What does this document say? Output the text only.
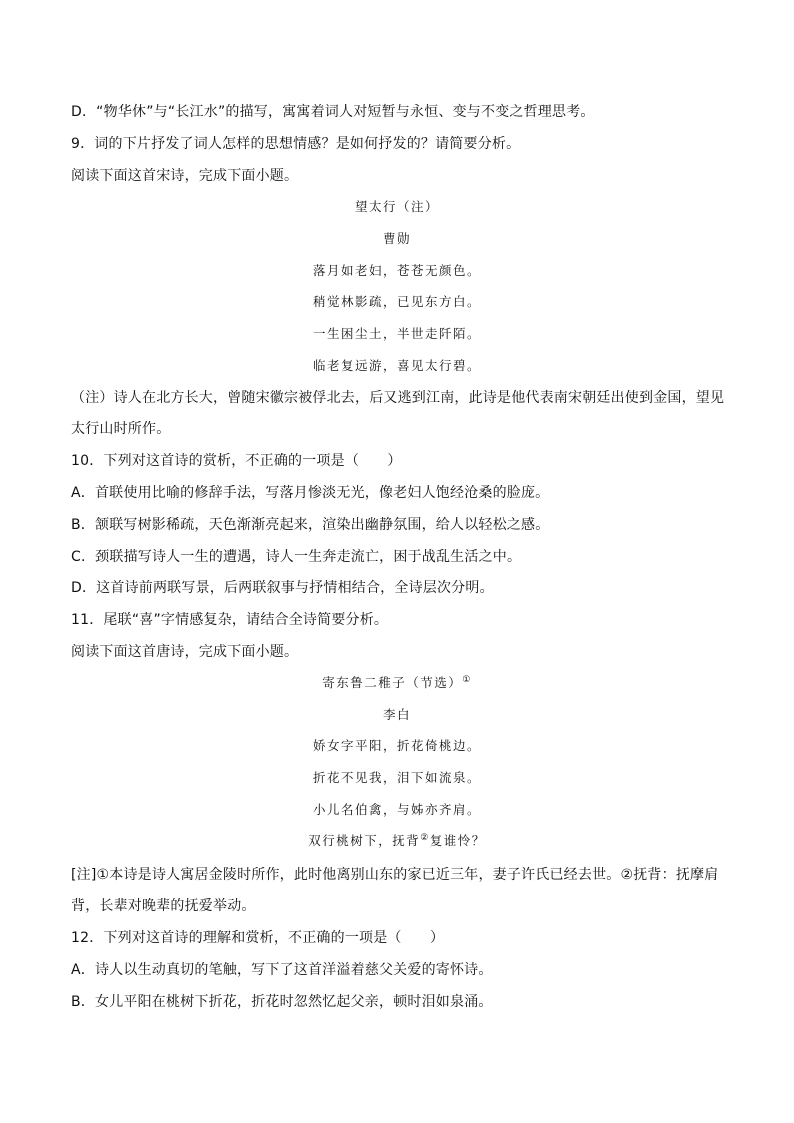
D．“物华休”与“长江水”的描写，寓寓着词人对短暂与永恒、变与不变之哲理思考。
9．词的下片抒发了词人怎样的思想情感？是如何抒发的？请简要分析。
阅读下面这首宋诗，完成下面小题。
望太行（注）
曹勋
落月如老妇，苍苍无颜色。
稍觉林影疏，已见东方白。
一生困尘土，半世走阡陌。
临老复远游，喜见太行碧。
（注）诗人在北方长大，曾随宋徽宗被俘北去，后又逃到江南，此诗是他代表南宋朝廷出使到金国，望见
太行山时所作。
10．下列对这首诗的赏析，不正确的一项是（　　）
A．首联使用比喻的修辞手法，写落月惨淡无光，像老妇人饱经沧桑的脸庞。
B．颔联写树影稀疏，天色渐渐亮起来，渲染出幽静氛围，给人以轻松之感。
C．颈联描写诗人一生的遭遇，诗人一生奔走流亡，困于战乱生活之中。
D．这首诗前两联写景，后两联叙事与抒情相结合，全诗层次分明。
11．尾联“喜”字情感复杂，请结合全诗简要分析。
阅读下面这首唐诗，完成下面小题。
寄东鲁二稚子（节选）①
李白
娇女字平阳，折花倚桃边。
折花不见我，泪下如流泉。
小儿名伯禽，与姊亦齐肩。
双行桃树下，抚背②复谁怜？
[注]①本诗是诗人寓居金陵时所作，此时他离别山东的家已近三年，妻子许氏已经去世。②抚背：抚摩肩
背，长辈对晚辈的抚爱举动。
12．下列对这首诗的理解和赏析，不正确的一项是（　　）
A．诗人以生动真切的笔触，写下了这首洋溢着慈父关爱的寄怀诗。
B．女儿平阳在桃树下折花，折花时忽然忆起父亲，顿时泪如泉涌。
